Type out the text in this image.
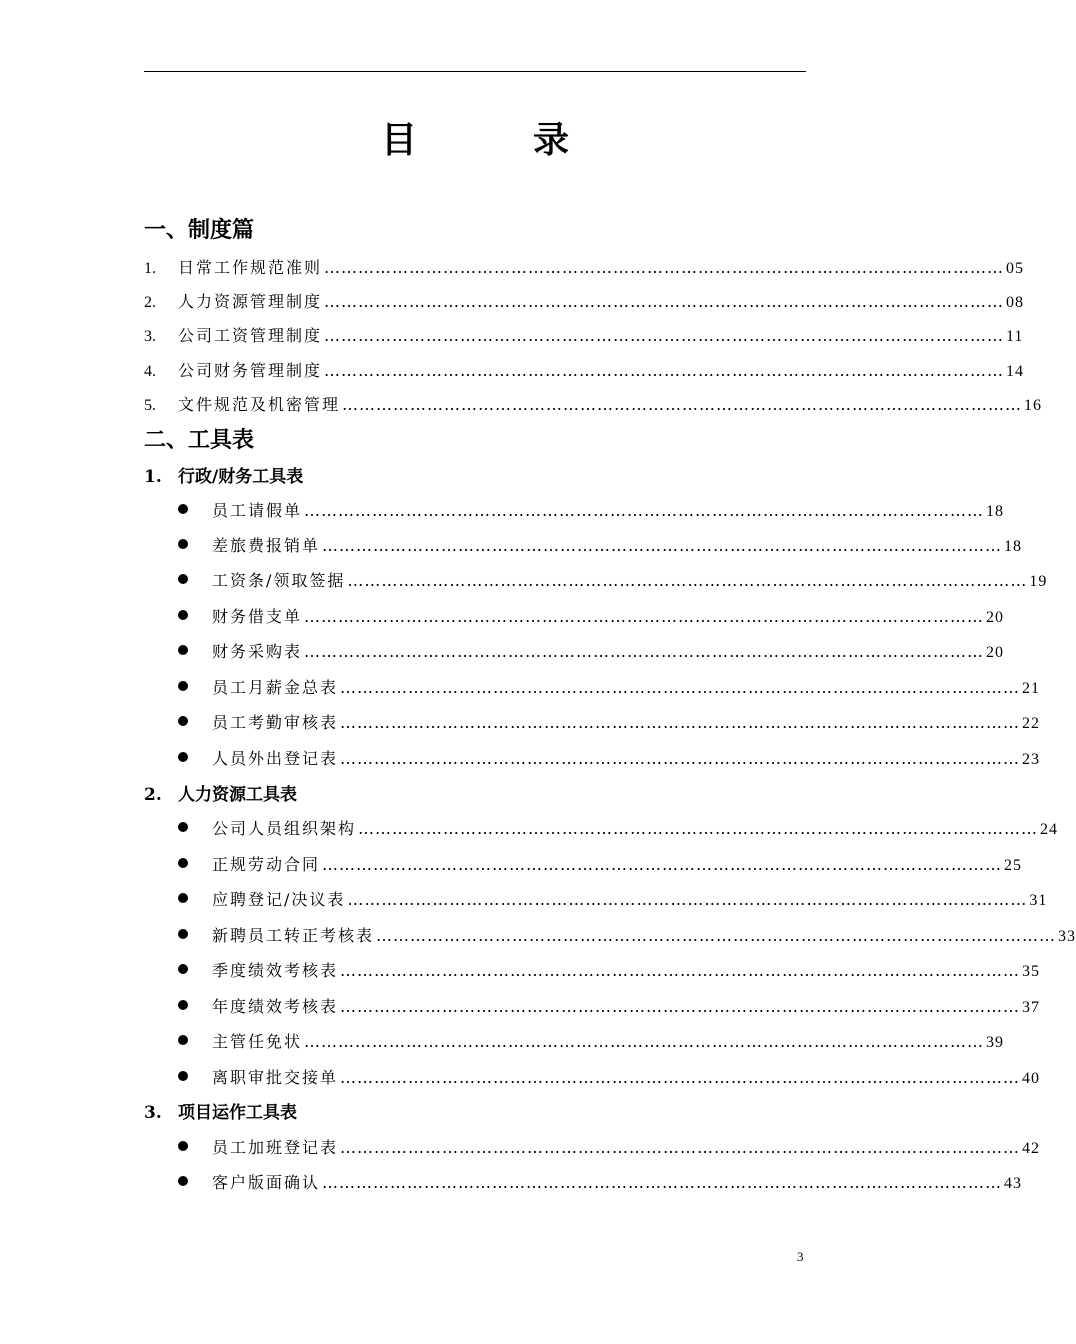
目　录
一、制度篇
1.	日常工作规范准则 ………………………………………………………………………………………………………… 05
2.	人力资源管理制度 ………………………………………………………………………………………………………… 08
3.	公司工资管理制度 ………………………………………………………………………………………………………… 11
4.	公司财务管理制度 ………………………………………………………………………………………………………… 14
5.	文件规范及机密管理 ………………………………………………………………………………………………………… 16
二、工具表
1. 行政/财务工具表
员工请假单 ………………………………………………………………………………………………………… 18
差旅费报销单 ………………………………………………………………………………………………………… 18
工资条/领取签据 ………………………………………………………………………………………………………… 19
财务借支单 ………………………………………………………………………………………………………… 20
财务采购表 ………………………………………………………………………………………………………… 20
员工月薪金总表 ………………………………………………………………………………………………………… 21
员工考勤审核表 ………………………………………………………………………………………………………… 22
人员外出登记表 ………………………………………………………………………………………………………… 23
2. 人力资源工具表
公司人员组织架构 ………………………………………………………………………………………………………… 24
正规劳动合同 ………………………………………………………………………………………………………… 25
应聘登记/决议表 ………………………………………………………………………………………………………… 31
新聘员工转正考核表 ………………………………………………………………………………………………………… 33
季度绩效考核表 ………………………………………………………………………………………………………… 35
年度绩效考核表 ………………………………………………………………………………………………………… 37
主管任免状 ………………………………………………………………………………………………………… 39
离职审批交接单 ………………………………………………………………………………………………………… 40
3. 项目运作工具表
员工加班登记表 ………………………………………………………………………………………………………… 42
客户版面确认 ………………………………………………………………………………………………………… 43
3
